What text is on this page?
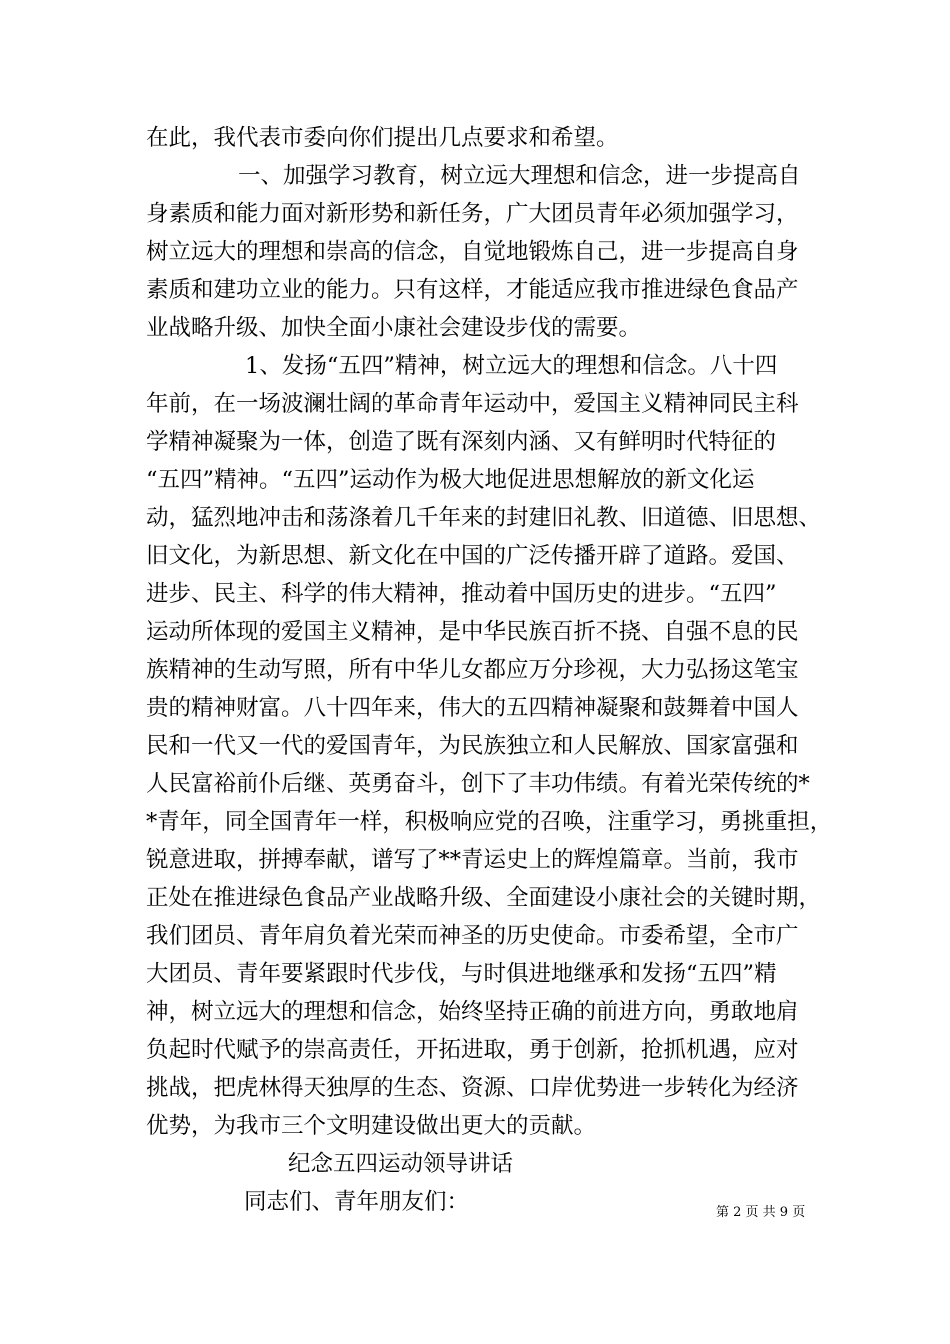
在此，我代表市委向你们提出几点要求和希望。
一、加强学习教育，树立远大理想和信念，进一步提高自
身素质和能力面对新形势和新任务，广大团员青年必须加强学习，
树立远大的理想和崇高的信念，自觉地锻炼自己，进一步提高自身
素质和建功立业的能力。只有这样，才能适应我市推进绿色食品产
业战略升级、加快全面小康社会建设步伐的需要。
1、发扬“五四”精神，树立远大的理想和信念。八十四
年前，在一场波澜壮阔的革命青年运动中，爱国主义精神同民主科
学精神凝聚为一体，创造了既有深刻内涵、又有鲜明时代特征的
“五四”精神。“五四”运动作为极大地促进思想解放的新文化运
动，猛烈地冲击和荡涤着几千年来的封建旧礼教、旧道德、旧思想、
旧文化，为新思想、新文化在中国的广泛传播开辟了道路。爱国、
进步、民主、科学的伟大精神，推动着中国历史的进步。“五四”
运动所体现的爱国主义精神，是中华民族百折不挠、自强不息的民
族精神的生动写照，所有中华儿女都应万分珍视，大力弘扬这笔宝
贵的精神财富。八十四年来，伟大的五四精神凝聚和鼓舞着中国人
民和一代又一代的爱国青年，为民族独立和人民解放、国家富强和
人民富裕前仆后继、英勇奋斗，创下了丰功伟绩。有着光荣传统的*
*青年，同全国青年一样，积极响应党的召唤，注重学习，勇挑重担，
锐意进取，拼搏奉献，谱写了**青运史上的辉煌篇章。当前，我市
正处在推进绿色食品产业战略升级、全面建设小康社会的关键时期，
我们团员、青年肩负着光荣而神圣的历史使命。市委希望，全市广
大团员、青年要紧跟时代步伐，与时俱进地继承和发扬“五四”精
神，树立远大的理想和信念，始终坚持正确的前进方向，勇敢地肩
负起时代赋予的崇高责任，开拓进取，勇于创新，抢抓机遇，应对
挑战，把虎林得天独厚的生态、资源、口岸优势进一步转化为经济
优势，为我市三个文明建设做出更大的贡献。
纪念五四运动领导讲话
同志们、青年朋友们：	第 2 页 共 9 页
